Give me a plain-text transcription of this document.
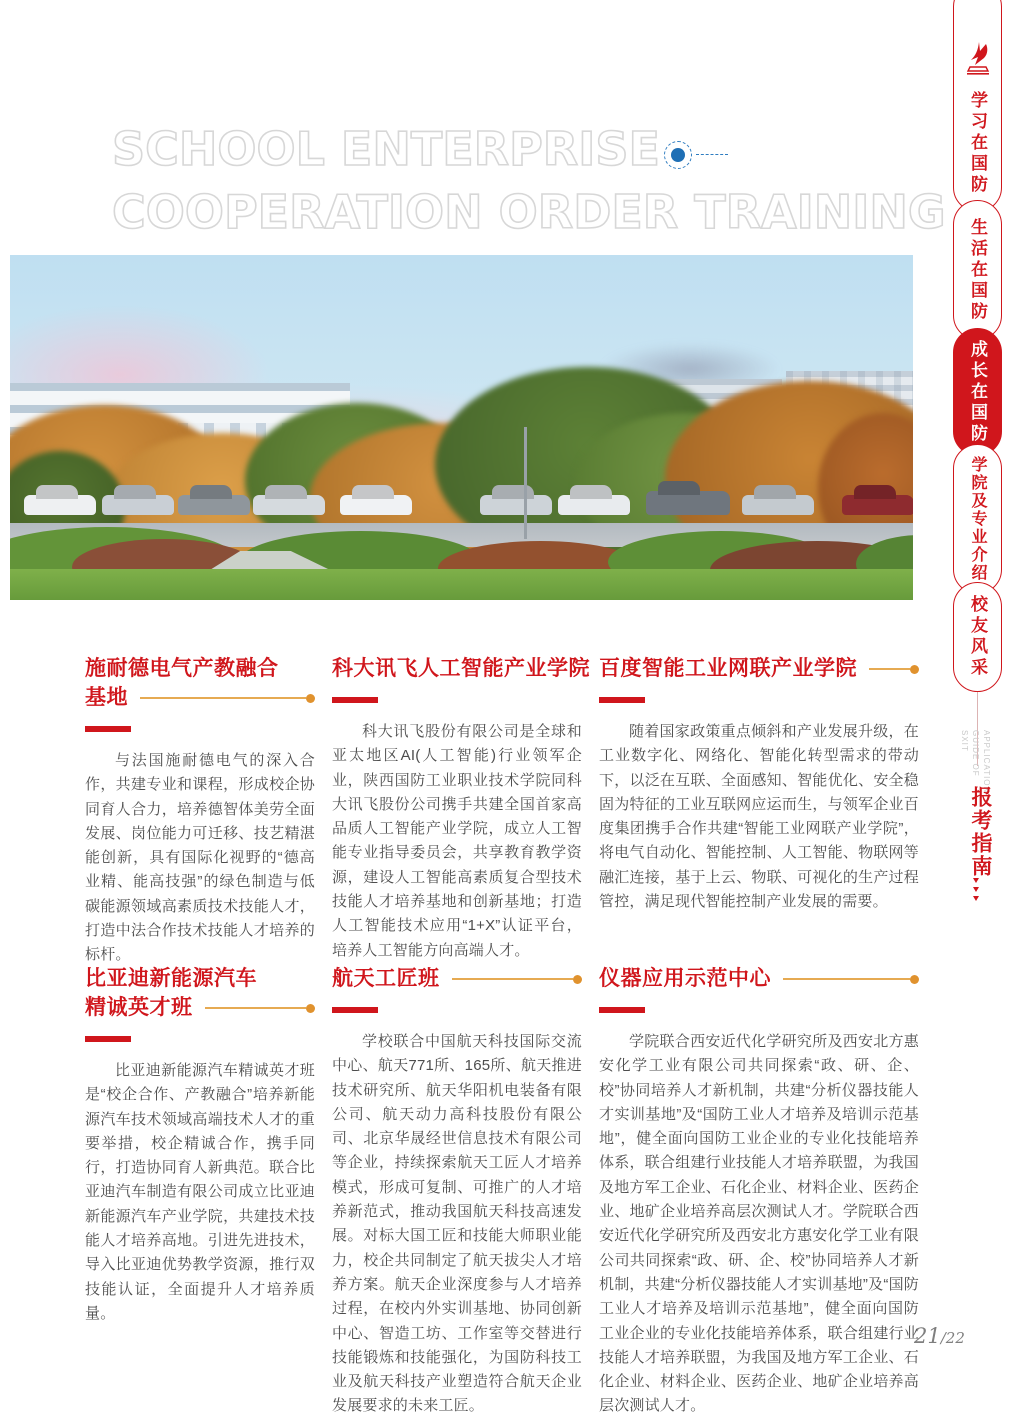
SCHOOL ENTERPRISE
COOPERATION ORDER TRAINING
施耐德电气产教融合
基地

与法国施耐德电气的深入合作，共建专业和课程，形成校企协同育人合力，培养德智体美劳全面发展、岗位能力可迁移、技艺精湛能创新，具有国际化视野的“德高业精、能高技强”的绿色制造与低碳能源领域高素质技术技能人才，打造中法合作技术技能人才培养的标杆。

科大讯飞人工智能产业学院

科大讯飞股份有限公司是全球和亚太地区AI(人工智能)行业领军企业，陕西国防工业职业技术学院同科大讯飞股份公司携手共建全国首家高品质人工智能产业学院，成立人工智能专业指导委员会，共享教育教学资源，建设人工智能高素质复合型技术技能人才培养基地和创新基地；打造人工智能技术应用“1+X”认证平台，培养人工智能方向高端人才。

百度智能工业网联产业学院

随着国家政策重点倾斜和产业发展升级，在工业数字化、网络化、智能化转型需求的带动下，以泛在互联、全面感知、智能优化、安全稳固为特征的工业互联网应运而生，与领军企业百度集团携手合作共建“智能工业网联产业学院”，将电气自动化、智能控制、人工智能、物联网等融汇连接，基于上云、物联、可视化的生产过程管控，满足现代智能控制产业发展的需要。

比亚迪新能源汽车
精诚英才班

比亚迪新能源汽车精诚英才班是“校企合作、产教融合”培养新能源汽车技术领域高端技术人才的重要举措，校企精诚合作，携手同行，打造协同育人新典范。联合比亚迪汽车制造有限公司成立比亚迪新能源汽车产业学院，共建技术技能人才培养高地。引进先进技术，导入比亚迪优势教学资源，推行双技能认证，全面提升人才培养质量。

航天工匠班

学校联合中国航天科技国际交流中心、航天771所、165所、航天推进技术研究所、航天华阳机电装备有限公司、航天动力高科技股份有限公司、北京华晟经世信息技术有限公司等企业，持续探索航天工匠人才培养模式，形成可复制、可推广的人才培养新范式，推动我国航天科技高速发展。对标大国工匠和技能大师职业能力，校企共同制定了航天拔尖人才培养方案。航天企业深度参与人才培养过程，在校内外实训基地、协同创新中心、智造工坊、工作室等交替进行技能锻炼和技能强化，为国防科技工业及航天科技产业塑造符合航天企业发展要求的未来工匠。

仪器应用示范中心

学院联合西安近代化学研究所及西安北方惠安化学工业有限公司共同探索“政、研、企、校”协同培养人才新机制，共建“分析仪器技能人才实训基地”及“国防工业人才培养及培训示范基地”，健全面向国防工业企业的专业化技能培养体系，联合组建行业技能人才培养联盟，为我国及地方军工企业、石化企业、材料企业、医药企业、地矿企业培养高层次测试人才。学院联合西安近代化学研究所及西安北方惠安化学工业有限公司共同探索“政、研、企、校”协同培养人才新机制，共建“分析仪器技能人才实训基地”及“国防工业人才培养及培训示范基地”，健全面向国防工业企业的专业化技能培养体系，联合组建行业技能人才培养联盟，为我国及地方军工企业、石化企业、材料企业、医药企业、地矿企业培养高层次测试人才。

学习在国防
生活在国防
成长在国防
学院及专业介绍
校友风采
APPLICATION GUIDE OF SXIT
报考指南
21/22
